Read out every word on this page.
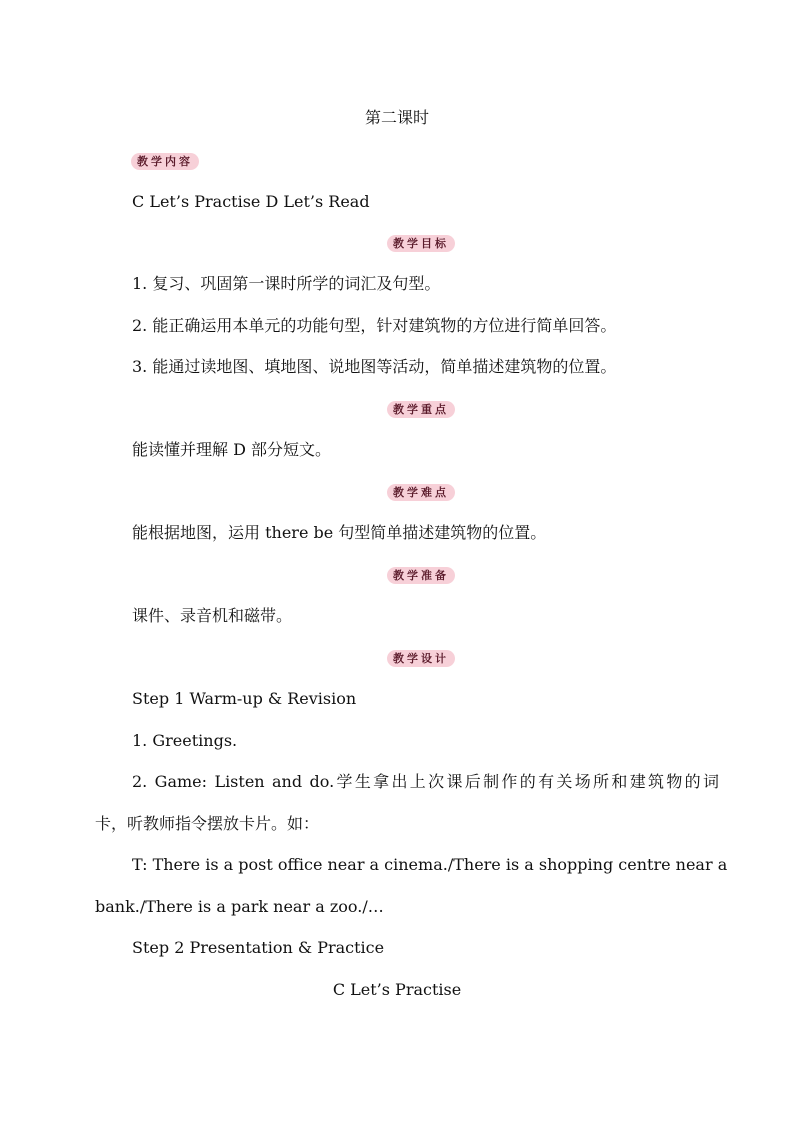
第二课时
教学内容
C Let’s Practise D Let’s Read
教学目标
1. 复习、巩固第一课时所学的词汇及句型。
2. 能正确运用本单元的功能句型，针对建筑物的方位进行简单回答。
3. 能通过读地图、填地图、说地图等活动，简单描述建筑物的位置。
教学重点
能读懂并理解 D 部分短文。
教学难点
能根据地图，运用 there be 句型简单描述建筑物的位置。
教学准备
课件、录音机和磁带。
教学设计
Step 1 Warm-up & Revision
1. Greetings.
2. Game: Listen and do.学生拿出上次课后制作的有关场所和建筑物的词
卡，听教师指令摆放卡片。如：
T: There is a post office near a cinema./There is a shopping centre near a
bank./There is a park near a zoo./…
Step 2 Presentation & Practice
C Let’s Practise
